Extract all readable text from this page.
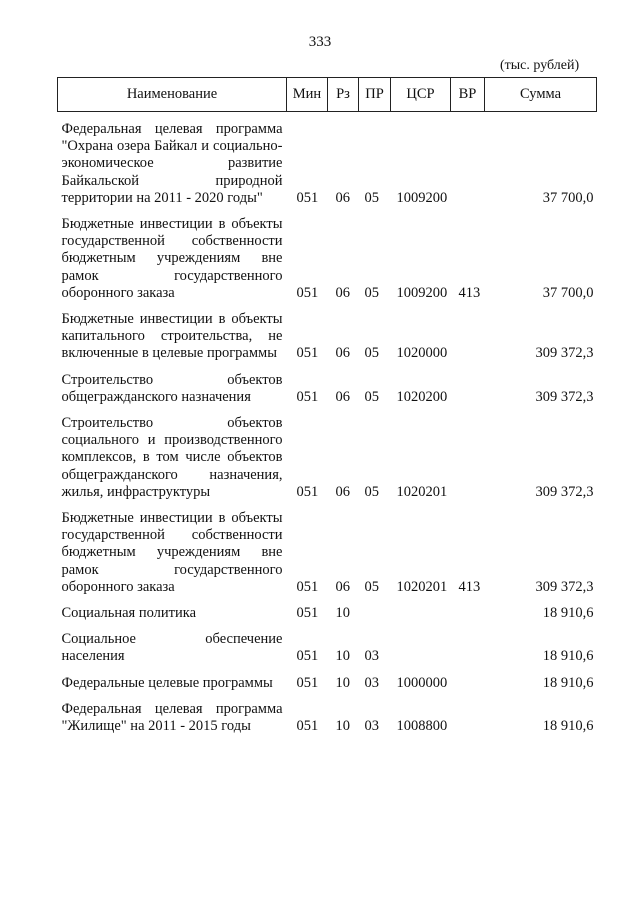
333
(тыс. рублей)
Наименование	Мин	Рз	ПР	ЦСР	ВР	Сумма
Федеральная целевая программа "Охрана озера Байкал и социально-экономическое развитие Байкальской природной территории на 2011 - 2020 годы"	051	06	05	1009200		37 700,0
Бюджетные инвестиции в объекты государственной собственности бюджетным учреждениям вне рамок государственного оборонного заказа	051	06	05	1009200	413	37 700,0
Бюджетные инвестиции в объекты капитального строительства, не включенные в целевые программы	051	06	05	1020000		309 372,3
Строительство объектов общегражданского назначения	051	06	05	1020200		309 372,3
Строительство объектов социального и производственного комплексов, в том числе объектов общегражданского назначения, жилья, инфраструктуры	051	06	05	1020201		309 372,3
Бюджетные инвестиции в объекты государственной собственности бюджетным учреждениям вне рамок государственного оборонного заказа	051	06	05	1020201	413	309 372,3
Социальная политика	051	10				18 910,6
Социальное обеспечение населения	051	10	03			18 910,6
Федеральные целевые программы	051	10	03	1000000		18 910,6
Федеральная целевая программа "Жилище" на 2011 - 2015 годы	051	10	03	1008800		18 910,6
